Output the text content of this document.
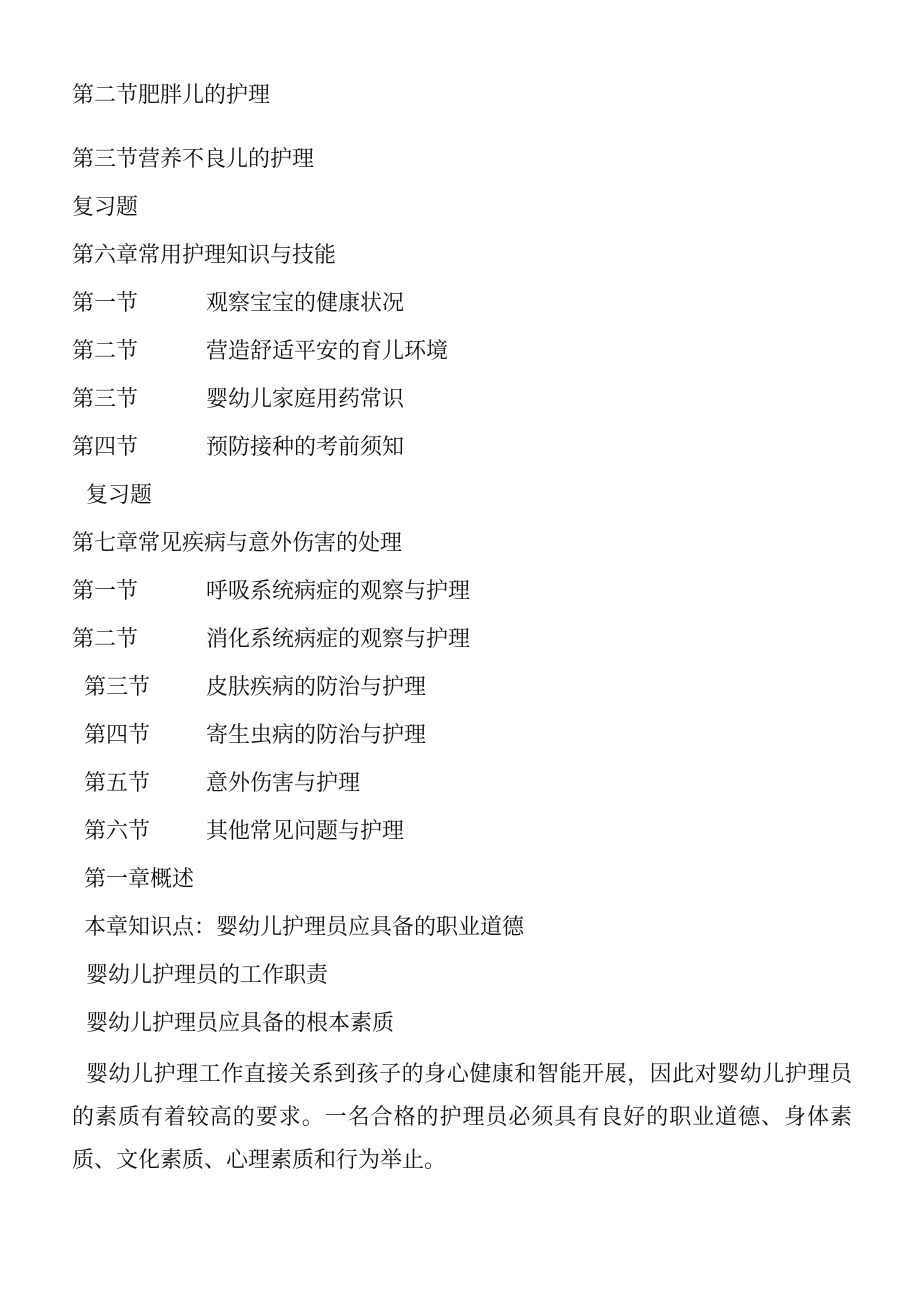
第二节肥胖儿的护理
第三节营养不良儿的护理
复习题
第六章常用护理知识与技能
第一节	观察宝宝的健康状况
第二节	营造舒适平安的育儿环境
第三节	婴幼儿家庭用药常识
第四节	预防接种的考前须知
复习题
第七章常见疾病与意外伤害的处理
第一节	呼吸系统病症的观察与护理
第二节	消化系统病症的观察与护理
第三节	皮肤疾病的防治与护理
第四节	寄生虫病的防治与护理
第五节	意外伤害与护理
第六节	其他常见问题与护理
第一章概述
本章知识点：婴幼儿护理员应具备的职业道德
婴幼儿护理员的工作职责
婴幼儿护理员应具备的根本素质
婴幼儿护理工作直接关系到孩子的身心健康和智能开展，因此对婴幼儿护理员的素质有着较高的要求。一名合格的护理员必须具有良好的职业道德、身体素质、文化素质、心理素质和行为举止。
